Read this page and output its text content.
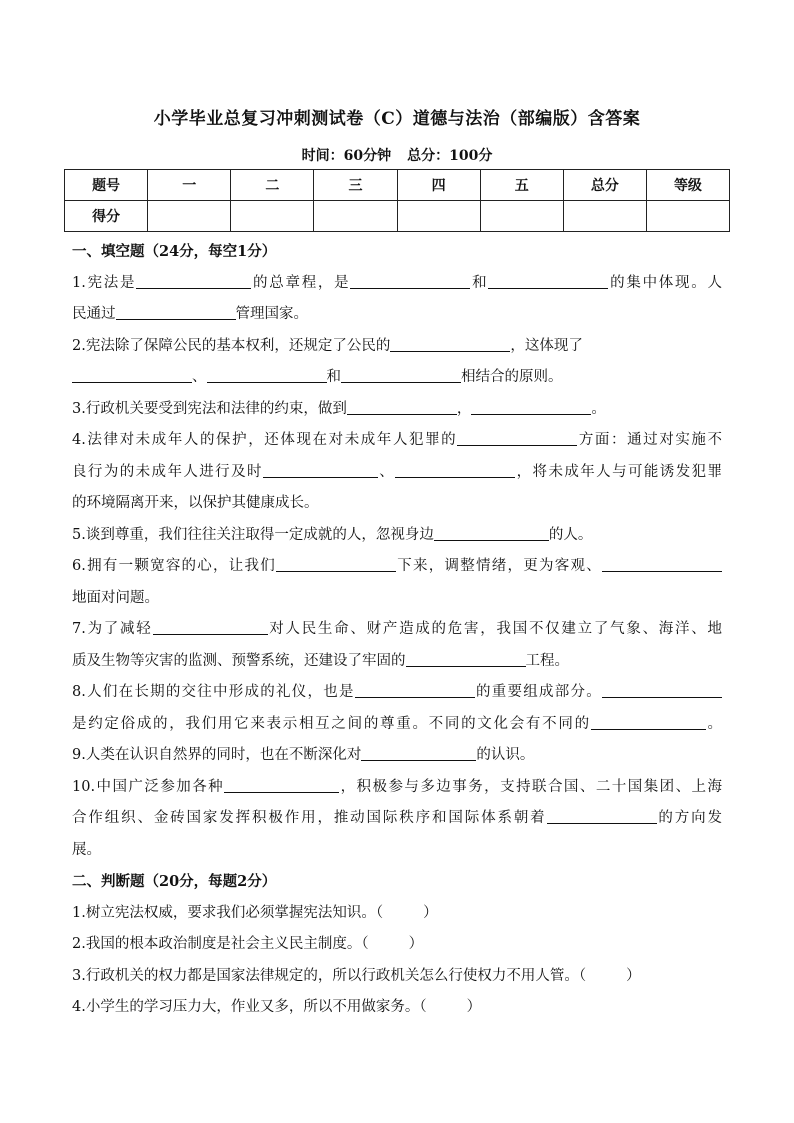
小学毕业总复习冲刺测试卷（C）道德与法治（部编版）含答案
时间：60分钟 总分：100分
题号	一	二	三	四	五	总分	等级
得分							
一、填空题（24分，每空1分）
1.宪法是	的总章程，是	和	的集中体现。人
民通过	管理国家。
2.宪法除了保障公民的基本权利，还规定了公民的	，这体现了
、	和	相结合的原则。
3.行政机关要受到宪法和法律的约束，做到	，	。
4.法律对未成年人的保护，还体现在对未成年人犯罪的	方面：通过对实施不
良行为的未成年人进行及时	、	，将未成年人与可能诱发犯罪
的环境隔离开来，以保护其健康成长。
5.谈到尊重，我们往往关注取得一定成就的人，忽视身边	的人。
6.拥有一颗宽容的心，让我们	下来，调整情绪，更为客观、
地面对问题。
7.为了减轻	对人民生命、财产造成的危害，我国不仅建立了气象、海洋、地
质及生物等灾害的监测、预警系统，还建设了牢固的	工程。
8.人们在长期的交往中形成的礼仪，也是	的重要组成部分。
是约定俗成的，我们用它来表示相互之间的尊重。不同的文化会有不同的	。
9.人类在认识自然界的同时，也在不断深化对	的认识。
10.中国广泛参加各种	，积极参与多边事务，支持联合国、二十国集团、上海
合作组织、金砖国家发挥积极作用，推动国际秩序和国际体系朝着	的方向发
展。
二、判断题（20分，每题2分）
1.树立宪法权威，要求我们必须掌握宪法知识。（	）
2.我国的根本政治制度是社会主义民主制度。（	）
3.行政机关的权力都是国家法律规定的，所以行政机关怎么行使权力不用人管。（	）
4.小学生的学习压力大，作业又多，所以不用做家务。（	）
